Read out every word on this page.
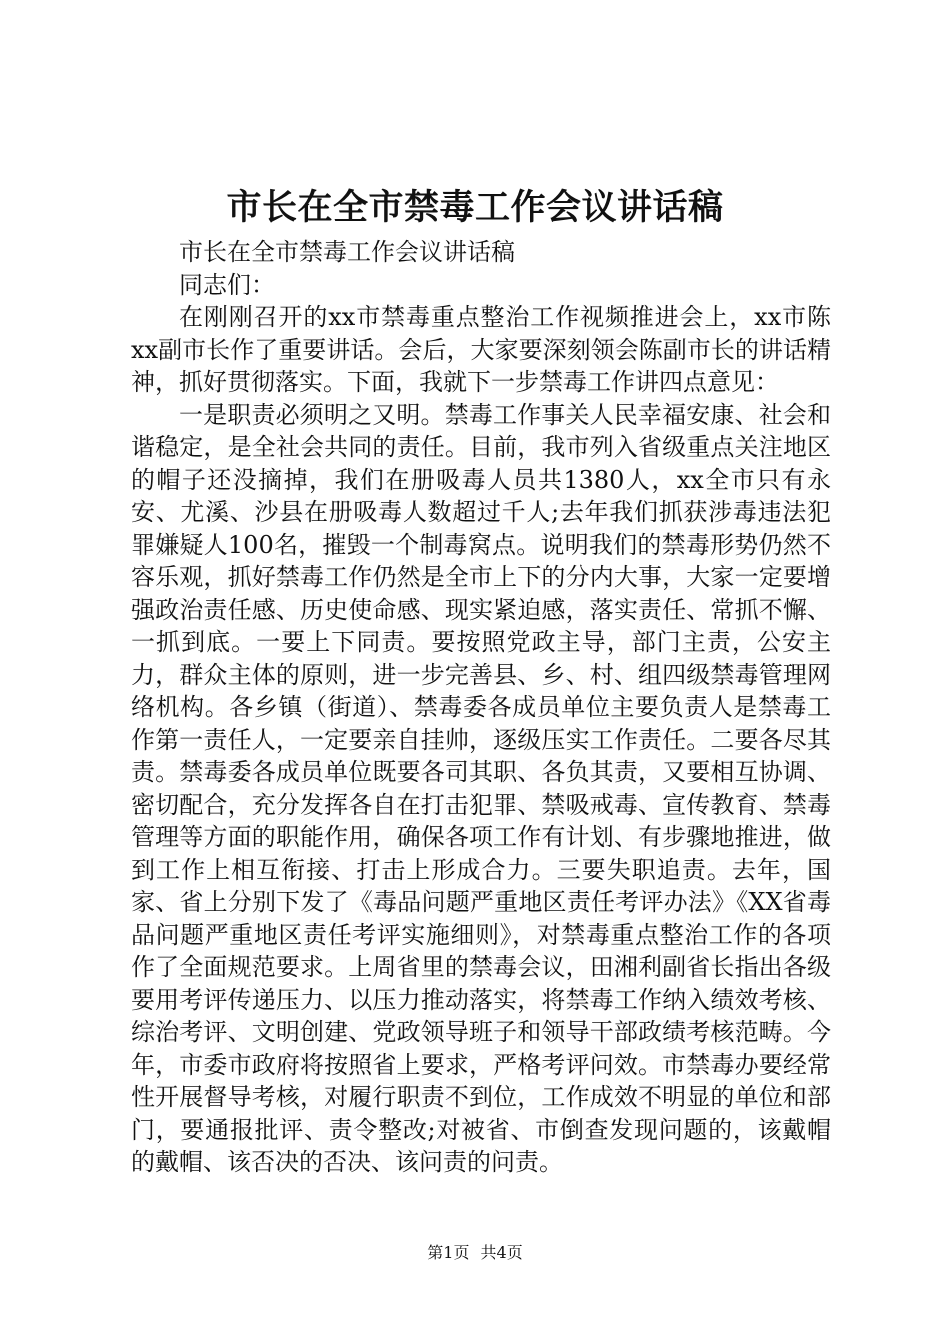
市长在全市禁毒工作会议讲话稿

市长在全市禁毒工作会议讲话稿

同志们：

在刚刚召开的xx市禁毒重点整治工作视频推进会上，xx市陈xx副市长作了重要讲话。会后，大家要深刻领会陈副市长的讲话精神，抓好贯彻落实。下面，我就下一步禁毒工作讲四点意见：

一是职责必须明之又明。禁毒工作事关人民幸福安康、社会和谐稳定，是全社会共同的责任。目前，我市列入省级重点关注地区的帽子还没摘掉，我们在册吸毒人员共1380人，xx全市只有永安、尤溪、沙县在册吸毒人数超过千人;去年我们抓获涉毒违法犯罪嫌疑人100名，摧毁一个制毒窝点。说明我们的禁毒形势仍然不容乐观，抓好禁毒工作仍然是全市上下的分内大事，大家一定要增强政治责任感、历史使命感、现实紧迫感，落实责任、常抓不懈、一抓到底。一要上下同责。要按照党政主导，部门主责，公安主力，群众主体的原则，进一步完善县、乡、村、组四级禁毒管理网络机构。各乡镇（街道）、禁毒委各成员单位主要负责人是禁毒工作第一责任人，一定要亲自挂帅，逐级压实工作责任。二要各尽其责。禁毒委各成员单位既要各司其职、各负其责，又要相互协调、密切配合，充分发挥各自在打击犯罪、禁吸戒毒、宣传教育、禁毒管理等方面的职能作用，确保各项工作有计划、有步骤地推进，做到工作上相互衔接、打击上形成合力。三要失职追责。去年，国家、省上分别下发了《毒品问题严重地区责任考评办法》《XX省毒品问题严重地区责任考评实施细则》，对禁毒重点整治工作的各项作了全面规范要求。上周省里的禁毒会议，田湘利副省长指出各级要用考评传递压力、以压力推动落实，将禁毒工作纳入绩效考核、综治考评、文明创建、党政领导班子和领导干部政绩考核范畴。今年，市委市政府将按照省上要求，严格考评问效。市禁毒办要经常性开展督导考核，对履行职责不到位，工作成效不明显的单位和部门，要通报批评、责令整改;对被省、市倒查发现问题的，该戴帽的戴帽、该否决的否决、该问责的问责。

第1页 共4页
